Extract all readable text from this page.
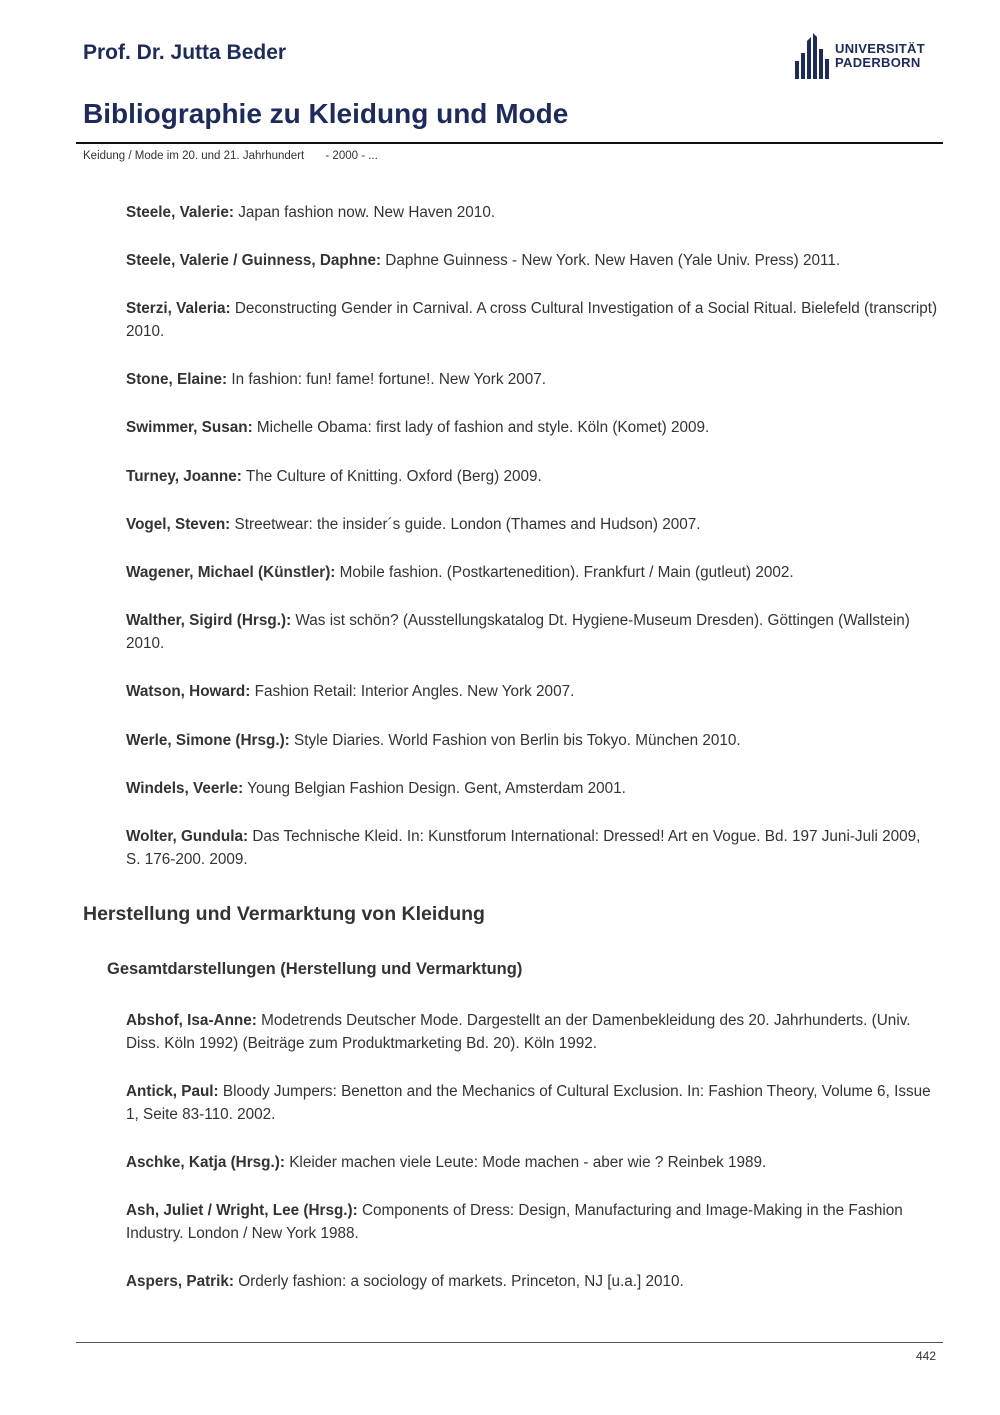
Prof. Dr. Jutta Beder	UNIVERSITÄT
PADERBORN
Bibliographie zu Kleidung und Mode
Keidung / Mode im 20. und 21. Jahrhundert - 2000 - ...

Steele, Valerie: Japan fashion now. New Haven 2010.

Steele, Valerie / Guinness, Daphne: Daphne Guinness - New York. New Haven (Yale Univ. Press) 2011.

Sterzi, Valeria: Deconstructing Gender in Carnival. A cross Cultural Investigation of a Social Ritual. Bielefeld (transcript) 2010.

Stone, Elaine: In fashion: fun! fame! fortune!. New York 2007.

Swimmer, Susan: Michelle Obama: first lady of fashion and style. Köln (Komet) 2009.

Turney, Joanne: The Culture of Knitting. Oxford (Berg) 2009.

Vogel, Steven: Streetwear: the insider´s guide. London (Thames and Hudson) 2007.

Wagener, Michael (Künstler): Mobile fashion. (Postkartenedition). Frankfurt / Main (gutleut) 2002.

Walther, Sigird (Hrsg.): Was ist schön? (Ausstellungskatalog Dt. Hygiene-Museum Dresden). Göttingen (Wallstein) 2010.

Watson, Howard: Fashion Retail: Interior Angles. New York 2007.

Werle, Simone (Hrsg.): Style Diaries. World Fashion von Berlin bis Tokyo. München 2010.

Windels, Veerle: Young Belgian Fashion Design. Gent, Amsterdam 2001.

Wolter, Gundula: Das Technische Kleid. In: Kunstforum International: Dressed! Art en Vogue. Bd. 197 Juni-Juli 2009, S. 176-200. 2009.

Herstellung und Vermarktung von Kleidung
Gesamtdarstellungen (Herstellung und Vermarktung)

Abshof, Isa-Anne: Modetrends Deutscher Mode. Dargestellt an der Damenbekleidung des 20. Jahrhunderts. (Univ. Diss. Köln 1992) (Beiträge zum Produktmarketing Bd. 20). Köln 1992.

Antick, Paul: Bloody Jumpers: Benetton and the Mechanics of Cultural Exclusion. In: Fashion Theory, Volume 6, Issue 1, Seite 83-110. 2002.

Aschke, Katja (Hrsg.): Kleider machen viele Leute: Mode machen - aber wie ? Reinbek 1989.

Ash, Juliet / Wright, Lee (Hrsg.): Components of Dress: Design, Manufacturing and Image-Making in the Fashion Industry. London / New York 1988.

Aspers, Patrik: Orderly fashion: a sociology of markets. Princeton, NJ [u.a.] 2010.

442
